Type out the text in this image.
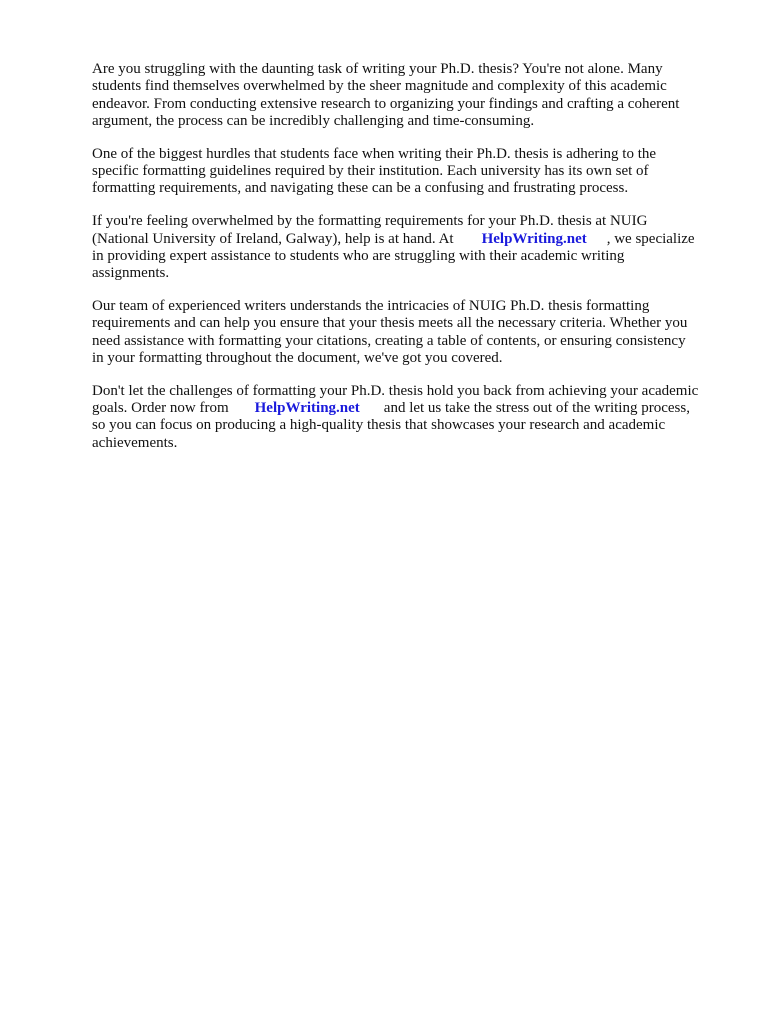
Are you struggling with the daunting task of writing your Ph.D. thesis? You're not alone. Many
students find themselves overwhelmed by the sheer magnitude and complexity of this academic
endeavor. From conducting extensive research to organizing your findings and crafting a coherent
argument, the process can be incredibly challenging and time-consuming.

One of the biggest hurdles that students face when writing their Ph.D. thesis is adhering to the
specific formatting guidelines required by their institution. Each university has its own set of
formatting requirements, and navigating these can be a confusing and frustrating process.

If you're feeling overwhelmed by the formatting requirements for your Ph.D. thesis at NUIG
(National University of Ireland, Galway), help is at hand. At HelpWriting.net , we specialize
in providing expert assistance to students who are struggling with their academic writing
assignments.

Our team of experienced writers understands the intricacies of NUIG Ph.D. thesis formatting
requirements and can help you ensure that your thesis meets all the necessary criteria. Whether you
need assistance with formatting your citations, creating a table of contents, or ensuring consistency
in your formatting throughout the document, we've got you covered.

Don't let the challenges of formatting your Ph.D. thesis hold you back from achieving your academic
goals. Order now from HelpWriting.net and let us take the stress out of the writing process,
so you can focus on producing a high-quality thesis that showcases your research and academic
achievements.
